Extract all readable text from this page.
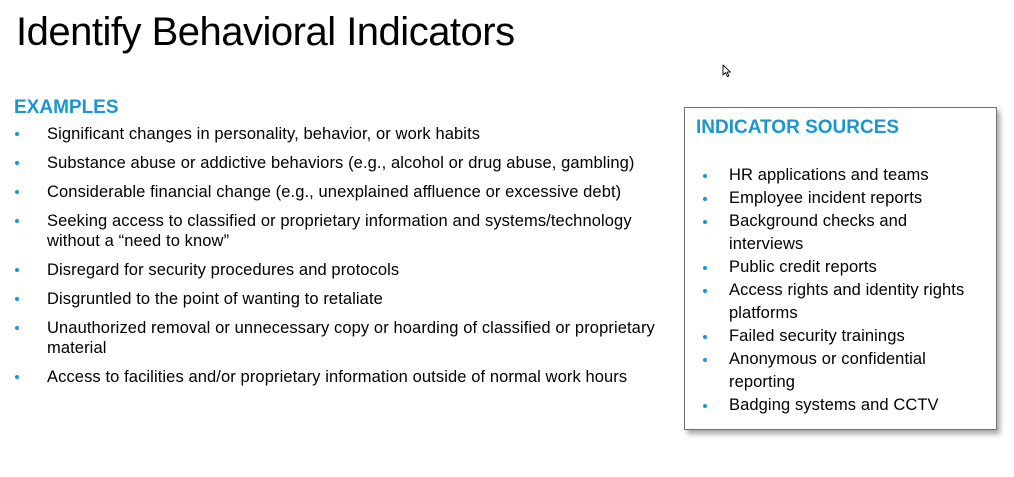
Identify Behavioral Indicators
EXAMPLES
Significant changes in personality, behavior, or work habits
Substance abuse or addictive behaviors (e.g., alcohol or drug abuse, gambling)
Considerable financial change (e.g., unexplained affluence or excessive debt)
Seeking access to classified or proprietary information and systems/technology without a “need to know”
Disregard for security procedures and protocols
Disgruntled to the point of wanting to retaliate
Unauthorized removal or unnecessary copy or hoarding of classified or proprietary material
Access to facilities and/or proprietary information outside of normal work hours
INDICATOR SOURCES
HR applications and teams
Employee incident reports
Background checks and interviews
Public credit reports
Access rights and identity rights platforms
Failed security trainings
Anonymous or confidential reporting
Badging systems and CCTV
